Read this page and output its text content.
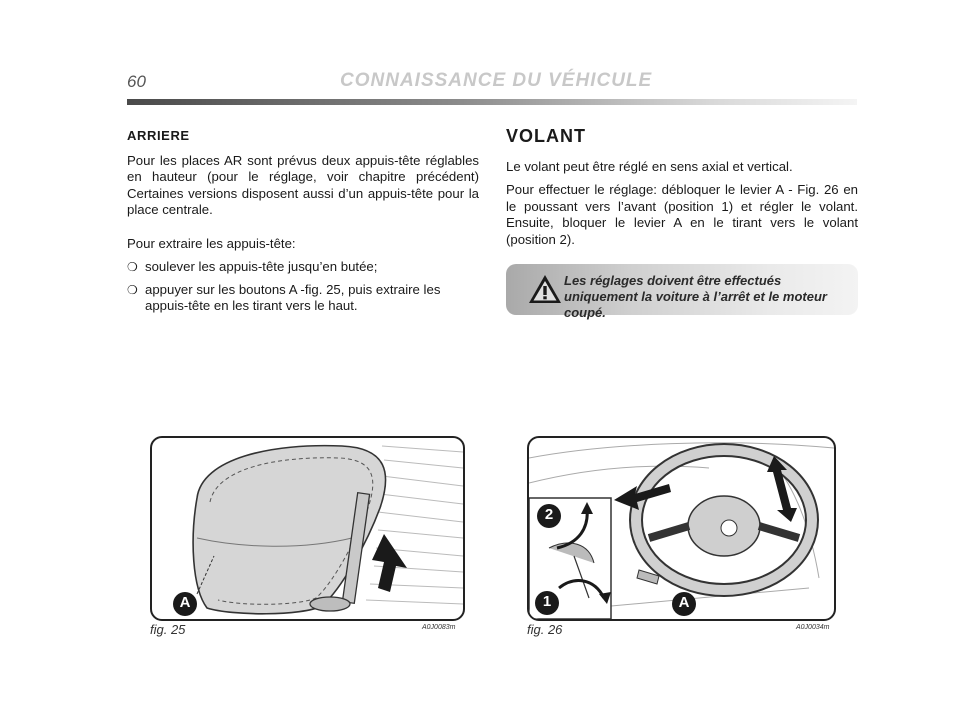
60	CONNAISSANCE DU VÉHICULE
ARRIERE

Pour les places AR sont prévus deux appuis-tête réglables en hauteur (pour le réglage, voir chapitre précédent) Certaines versions disposent aussi d’un appuis-tête pour la place centrale.

Pour extraire les appuis-tête:

❍ soulever les appuis-tête jusqu’en butée;
❍ appuyer sur les boutons A -fig. 25, puis extraire les appuis-tête en les tirant vers le haut.
VOLANT

Le volant peut être réglé en sens axial et vertical.

Pour effectuer le réglage: débloquer le levier A - Fig. 26 en le poussant vers l’avant (position 1) et régler le volant. Ensuite, bloquer le levier A en le tirant vers le volant (position 2).

Les réglages doivent être effectués uniquement la voiture à l’arrêt et le moteur coupé.
A
fig. 25	A0J0083m
2
1	A
fig. 26	A0J0034m
